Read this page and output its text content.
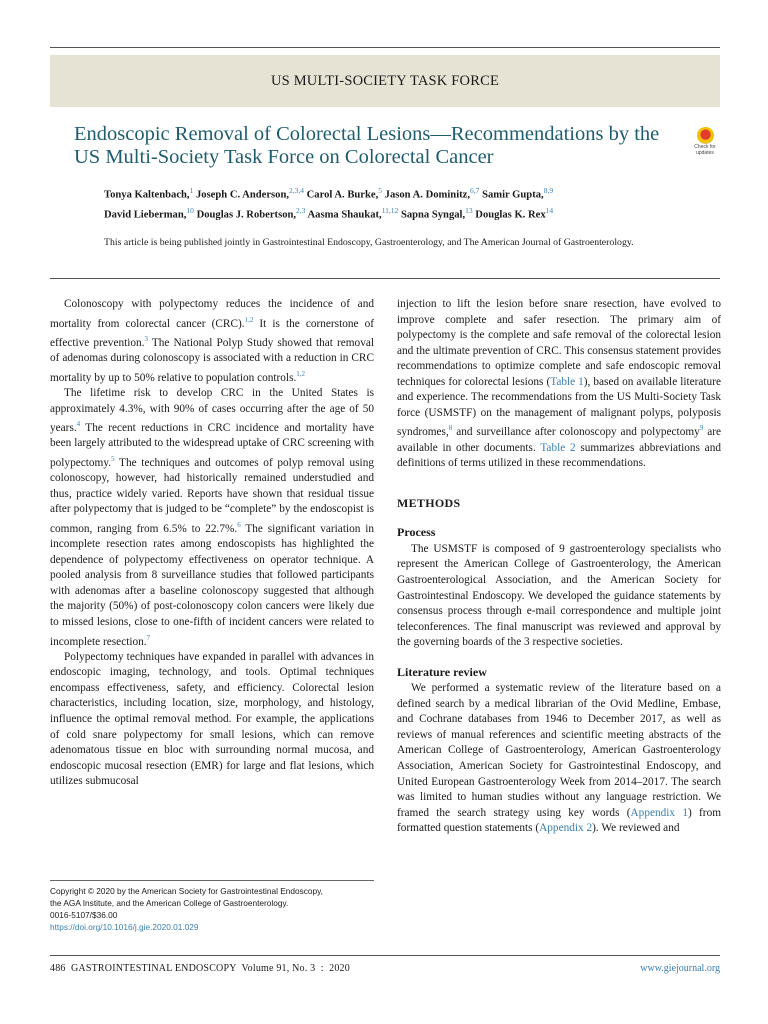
US MULTI-SOCIETY TASK FORCE
Endoscopic Removal of Colorectal Lesions—Recommendations by the US Multi-Society Task Force on Colorectal Cancer	Check for updates

Tonya Kaltenbach,$^1$ Joseph C. Anderson,$^{2,3,4}$ Carol A. Burke,$^5$ Jason A. Dominitz,$^{6,7}$ Samir Gupta,$^{8,9}$
David Lieberman,$^{10}$ Douglas J. Robertson,$^{2,3}$ Aasma Shaukat,$^{11,12}$ Sapna Syngal,$^{13}$ Douglas K. Rex$^{14}$

This article is being published jointly in Gastrointestinal Endoscopy, Gastroenterology, and The American Journal of Gastroenterology.

Colonoscopy with polypectomy reduces the incidence of and mortality from colorectal cancer (CRC).$^{1,2}$ It is the cornerstone of effective prevention.$^3$ The National Polyp Study showed that removal of adenomas during colonoscopy is associated with a reduction in CRC mortality by up to 50% relative to population controls.$^{1,2}$

The lifetime risk to develop CRC in the United States is approximately 4.3%, with 90% of cases occurring after the age of 50 years.$^4$ The recent reductions in CRC incidence and mortality have been largely attributed to the widespread uptake of CRC screening with polypectomy.$^5$ The techniques and outcomes of polyp removal using colonoscopy, however, had historically remained understudied and thus, practice widely varied. Reports have shown that residual tissue after polypectomy that is judged to be “complete” by the endoscopist is common, ranging from 6.5% to 22.7%.$^6$ The significant variation in incomplete resection rates among endoscopists has highlighted the dependence of polypectomy effectiveness on operator technique. A pooled analysis from 8 surveillance studies that followed participants with adenomas after a baseline colonoscopy suggested that although the majority (50%) of post-colonoscopy colon cancers were likely due to missed lesions, close to one-fifth of incident cancers were related to incomplete resection.$^7$

Polypectomy techniques have expanded in parallel with advances in endoscopic imaging, technology, and tools. Optimal techniques encompass effectiveness, safety, and efficiency. Colorectal lesion characteristics, including location, size, morphology, and histology, influence the optimal removal method. For example, the applications of cold snare polypectomy for small lesions, which can remove adenomatous tissue en bloc with surrounding normal mucosa, and endoscopic mucosal resection (EMR) for large and flat lesions, which utilizes submucosal

Copyright © 2020 by the American Society for Gastrointestinal Endoscopy,
the AGA Institute, and the American College of Gastroenterology.
0016-5107/$36.00
https://doi.org/10.1016/j.gie.2020.01.029

injection to lift the lesion before snare resection, have evolved to improve complete and safer resection. The primary aim of polypectomy is the complete and safe removal of the colorectal lesion and the ultimate prevention of CRC. This consensus statement provides recommendations to optimize complete and safe endoscopic removal techniques for colorectal lesions (Table 1), based on available literature and experience. The recommendations from the US Multi-Society Task force (USMSTF) on the management of malignant polyps, polyposis syndromes,$^8$ and surveillance after colonoscopy and polypectomy$^9$ are available in other documents. Table 2 summarizes abbreviations and definitions of terms utilized in these recommendations.

METHODS
Process

The USMSTF is composed of 9 gastroenterology specialists who represent the American College of Gastroenterology, the American Gastroenterological Association, and the American Society for Gastrointestinal Endoscopy. We developed the guidance statements by consensus process through e-mail correspondence and multiple joint teleconferences. The final manuscript was reviewed and approval by the governing boards of the 3 respective societies.

Literature review

We performed a systematic review of the literature based on a defined search by a medical librarian of the Ovid Medline, Embase, and Cochrane databases from 1946 to December 2017, as well as reviews of manual references and scientific meeting abstracts of the American College of Gastroenterology, American Gastroenterology Association, American Society for Gastrointestinal Endoscopy, and United European Gastroenterology Week from 2014–2017. The search was limited to human studies without any language restriction. We framed the search strategy using key words (Appendix 1) from formatted question statements (Appendix 2). We reviewed and

486  GASTROINTESTINAL ENDOSCOPY  Volume 91, No. 3  :  2020	www.giejournal.org
